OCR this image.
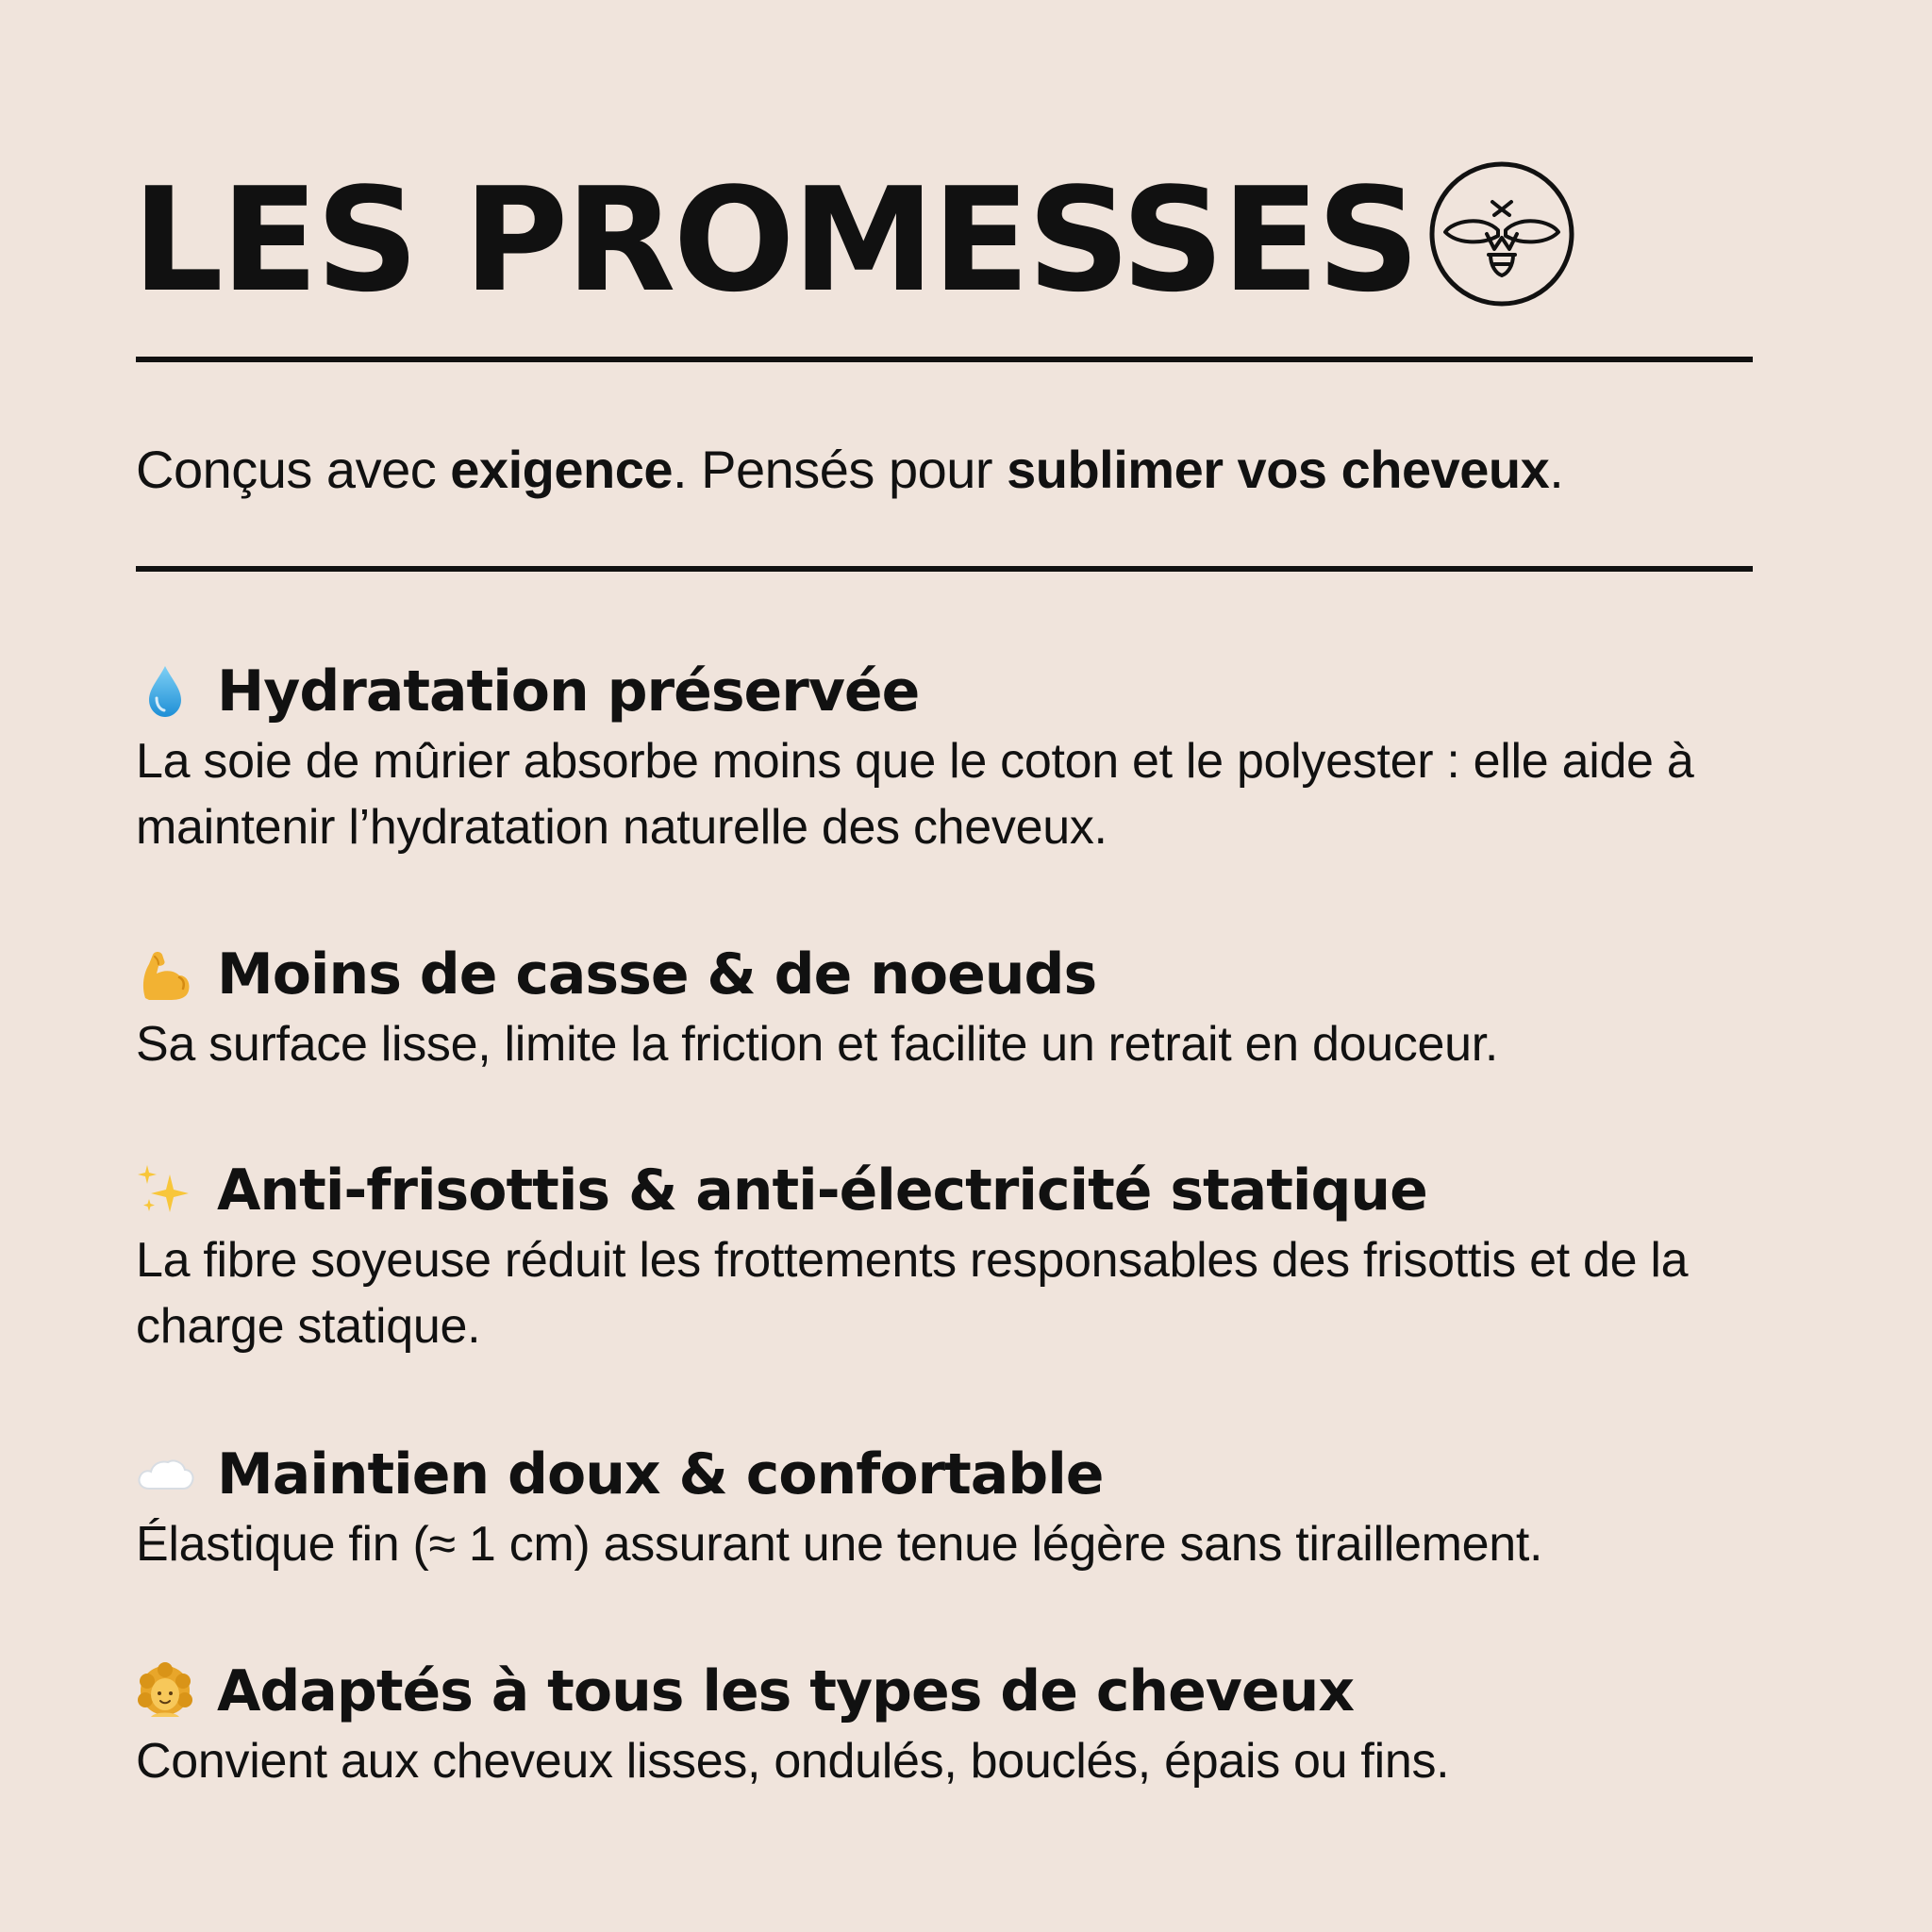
LES PROMESSES

Conçus avec exigence. Pensés pour sublimer vos cheveux.

Hydratation préservée

La soie de mûrier absorbe moins que le coton et le polyester : elle aide à maintenir l’hydratation naturelle des cheveux.

Moins de casse & de noeuds

Sa surface lisse, limite la friction et facilite un retrait en douceur.

Anti-frisottis & anti-électricité statique

La fibre soyeuse réduit les frottements responsables des frisottis et de la charge statique.

Maintien doux & confortable

Élastique fin (≈ 1 cm) assurant une tenue légère sans tiraillement.

Adaptés à tous les types de cheveux

Convient aux cheveux lisses, ondulés, bouclés, épais ou fins.
